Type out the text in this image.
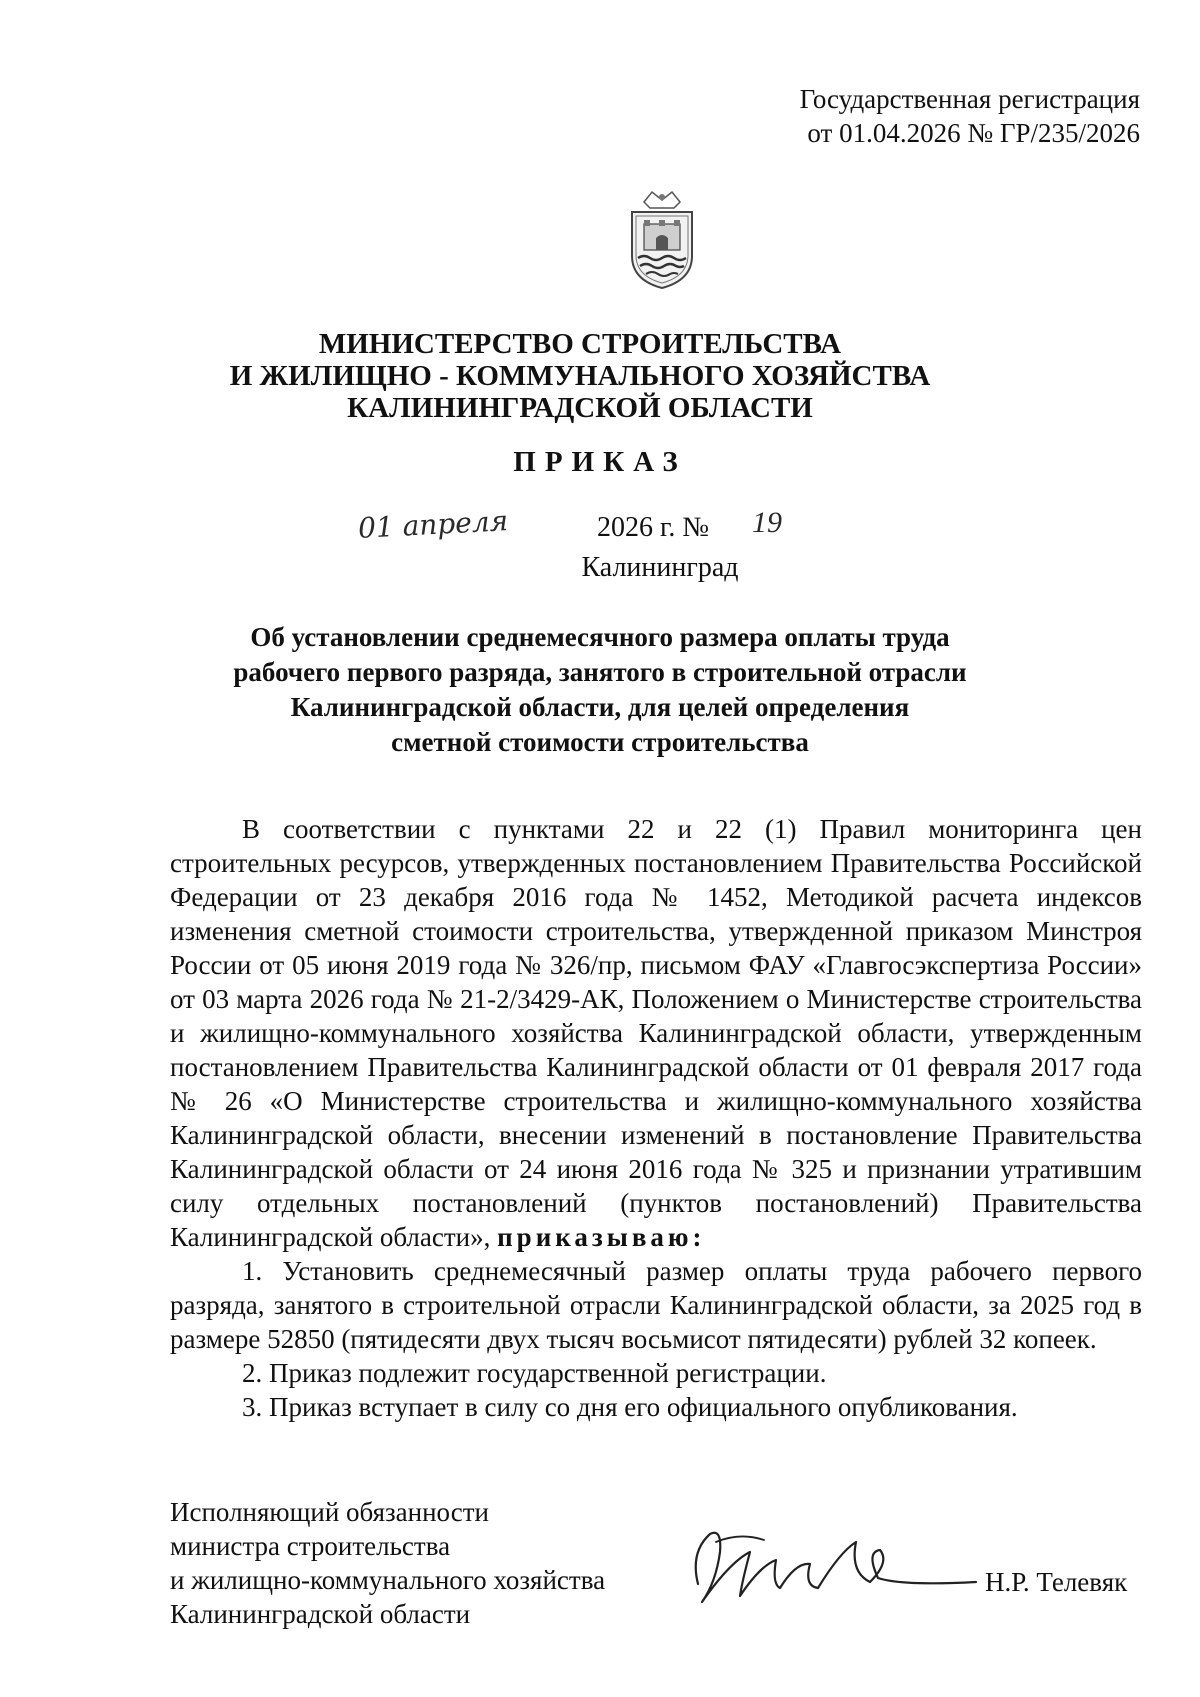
Государственная регистрация
от 01.04.2026 № ГР/235/2026
МИНИСТЕРСТВО СТРОИТЕЛЬСТВА
И ЖИЛИЩНО - КОММУНАЛЬНОГО ХОЗЯЙСТВА
КАЛИНИНГРАДСКОЙ ОБЛАСТИ
ПРИКАЗ
01 апреля	2026 г. № 19
Калининград
Об установлении среднемесячного размера оплаты труда
рабочего первого разряда, занятого в строительной отрасли
Калининградской области, для целей определения
сметной стоимости строительства

В соответствии с пунктами 22 и 22 (1) Правил мониторинга цен строительных ресурсов, утвержденных постановлением Правительства Российской Федерации от 23 декабря 2016 года № 1452, Методикой расчета индексов изменения сметной стоимости строительства, утвержденной приказом Минстроя России от 05 июня 2019 года № 326/пр, письмом ФАУ «Главгосэкспертиза России» от 03 марта 2026 года № 21-2/3429-АК, Положением о Министерстве строительства и жилищно-коммунального хозяйства Калининградской области, утвержденным постановлением Правительства Калининградской области от 01 февраля 2017 года № 26 «О Министерстве строительства и жилищно-коммунального хозяйства Калининградской области, внесении изменений в постановление Правительства Калининградской области от 24 июня 2016 года № 325 и признании утратившим силу отдельных постановлений (пунктов постановлений) Правительства Калининградской области», приказываю:

1. Установить среднемесячный размер оплаты труда рабочего первого разряда, занятого в строительной отрасли Калининградской области, за 2025 год в размере 52850 (пятидесяти двух тысяч восьмисот пятидесяти) рублей 32 копеек.

2. Приказ подлежит государственной регистрации.

3. Приказ вступает в силу со дня его официального опубликования.

Исполняющий обязанности
министра строительства
и жилищно-коммунального хозяйства
Калининградской области
Н.Р. Телевяк
